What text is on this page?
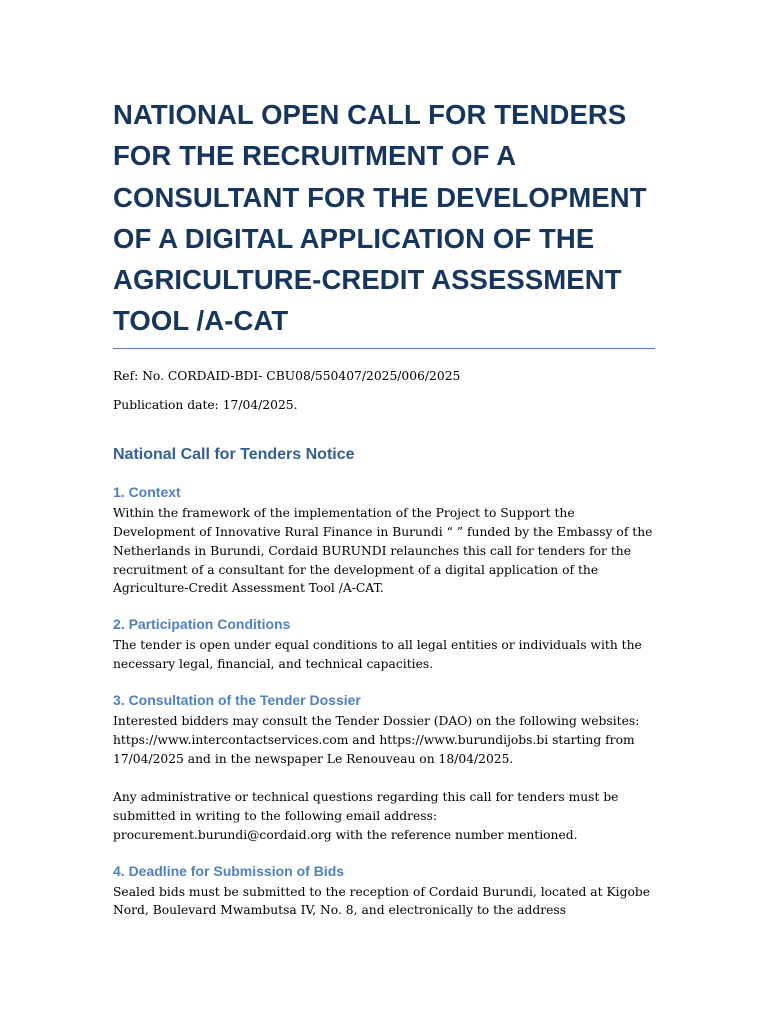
NATIONAL OPEN CALL FOR TENDERS FOR THE RECRUITMENT OF A CONSULTANT FOR THE DEVELOPMENT OF A DIGITAL APPLICATION OF THE AGRICULTURE-CREDIT ASSESSMENT TOOL /A-CAT

Ref: No. CORDAID-BDI- CBU08/550407/2025/006/2025

Publication date: 17/04/2025.

National Call for Tenders Notice
1. Context

Within the framework of the implementation of the Project to Support the Development of Innovative Rural Finance in Burundi “ ” funded by the Embassy of the Netherlands in Burundi, Cordaid BURUNDI relaunches this call for tenders for the recruitment of a consultant for the development of a digital application of the Agriculture-Credit Assessment Tool /A-CAT.

2. Participation Conditions

The tender is open under equal conditions to all legal entities or individuals with the necessary legal, financial, and technical capacities.

3. Consultation of the Tender Dossier

Interested bidders may consult the Tender Dossier (DAO) on the following websites: https://www.intercontactservices.com and https://www.burundijobs.bi starting from 17/04/2025 and in the newspaper Le Renouveau on 18/04/2025.

Any administrative or technical questions regarding this call for tenders must be submitted in writing to the following email address: procurement.burundi@cordaid.org with the reference number mentioned.

4. Deadline for Submission of Bids

Sealed bids must be submitted to the reception of Cordaid Burundi, located at Kigobe Nord, Boulevard Mwambutsa IV, No. 8, and electronically to the address
